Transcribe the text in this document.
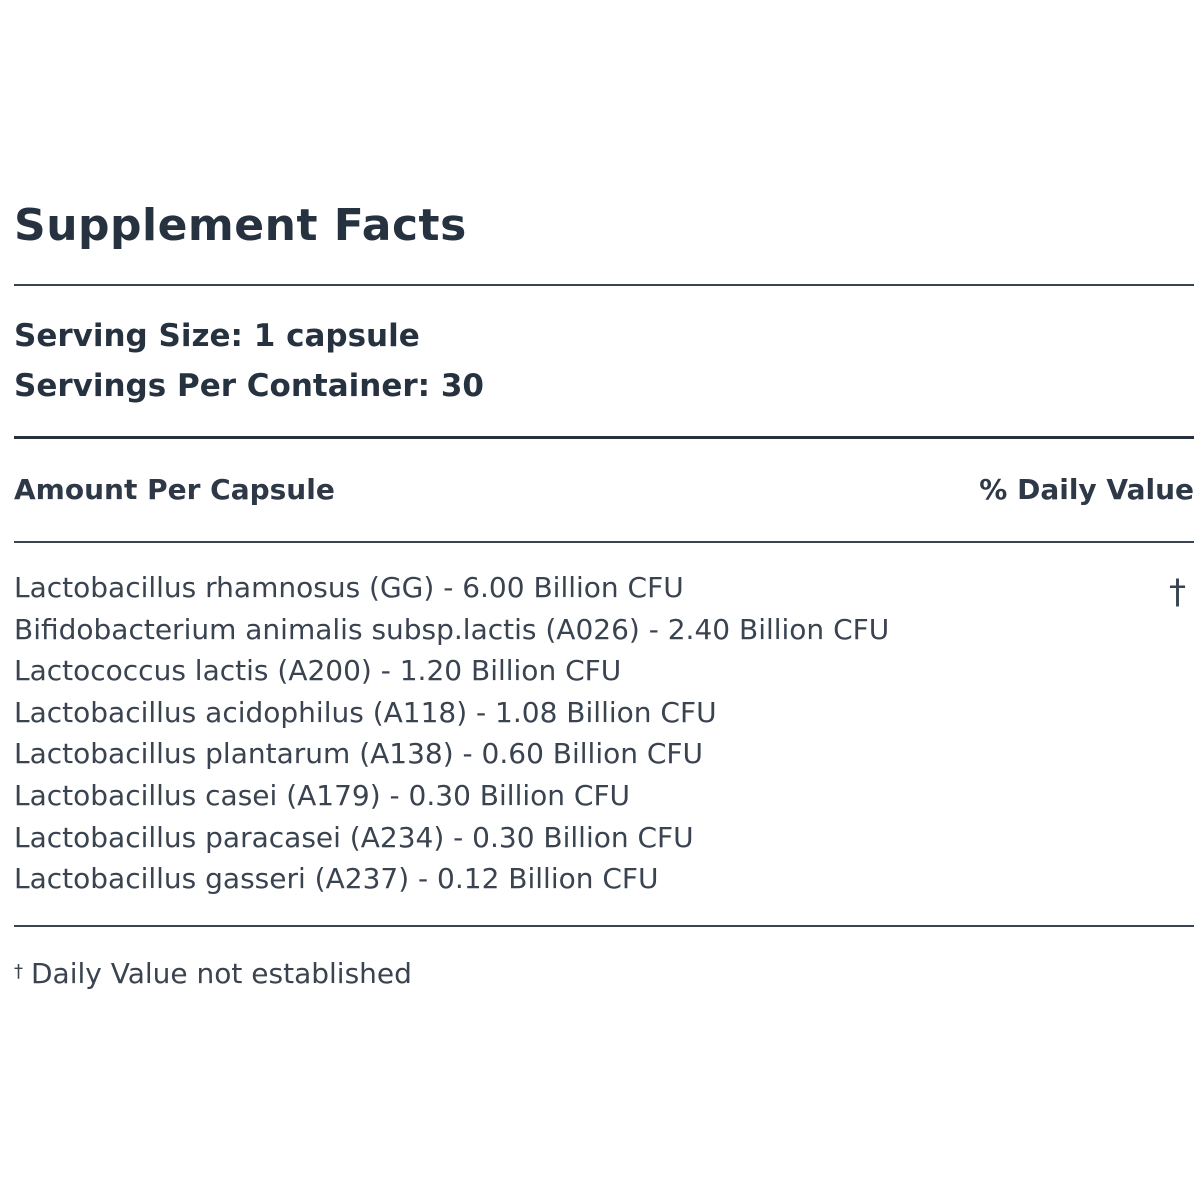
Supplement Facts
Serving Size: 1 capsule
Servings Per Container: 30
Amount Per Capsule	% Daily Value
Lactobacillus rhamnosus (GG) - 6.00 Billion CFU
Bifidobacterium animalis subsp.lactis (A026) - 2.40 Billion CFU
Lactococcus lactis (A200) - 1.20 Billion CFU
Lactobacillus acidophilus (A118) - 1.08 Billion CFU
Lactobacillus plantarum (A138) - 0.60 Billion CFU
Lactobacillus casei (A179) - 0.30 Billion CFU
Lactobacillus paracasei (A234) - 0.30 Billion CFU
Lactobacillus gasseri (A237) - 0.12 Billion CFU
†
† Daily Value not established
